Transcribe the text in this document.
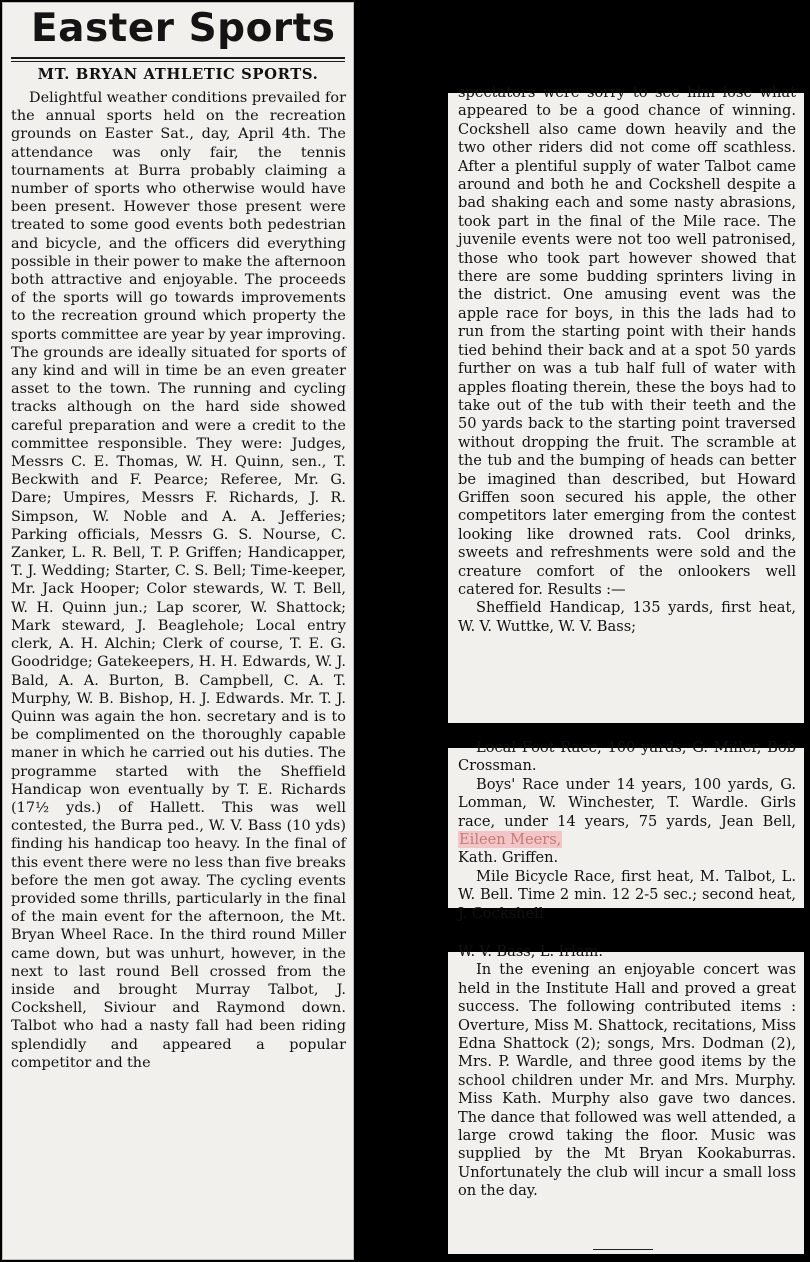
Easter Sports
MT. BRYAN ATHLETIC SPORTS.

Delightful weather conditions prevailed for the annual sports held on the recreation grounds on Easter Sat., day, April 4th. The attendance was only fair, the tennis tournaments at Burra probably claiming a number of sports who otherwise would have been present. However those present were treated to some good events both pedestrian and bicycle, and the officers did everything possible in their power to make the afternoon both attractive and enjoyable. The proceeds of the sports will go towards improvements to the recreation ground which property the sports committee are year by year improving. The grounds are ideally situated for sports of any kind and will in time be an even greater asset to the town. The running and cycling tracks although on the hard side showed careful preparation and were a credit to the committee responsible. They were: Judges, Messrs C. E. Thomas, W. H. Quinn, sen., T. Beckwith and F. Pearce; Referee, Mr. G. Dare; Umpires, Messrs F. Richards, J. R. Simpson, W. Noble and A. A. Jefferies; Parking officials, Messrs G. S. Nourse, C. Zanker, L. R. Bell, T. P. Griffen; Handicapper, T. J. Wedding; Starter, C. S. Bell; Time-keeper, Mr. Jack Hooper; Color stewards, W. T. Bell, W. H. Quinn jun.; Lap scorer, W. Shattock; Mark steward, J. Beaglehole; Local entry clerk, A. H. Alchin; Clerk of course, T. E. G. Goodridge; Gatekeepers, H. H. Edwards, W. J. Bald, A. A. Burton, B. Campbell, C. A. T. Murphy, W. B. Bishop, H. J. Edwards. Mr. T. J. Quinn was again the hon. secretary and is to be complimented on the thoroughly capable maner in which he carried out his duties. The programme started with the Sheffield Handicap won eventually by T. E. Richards (17½ yds.) of Hallett. This was well contested, the Burra ped., W. V. Bass (10 yds) finding his handicap too heavy. In the final of this event there were no less than five breaks before the men got away. The cycling events provided some thrills, particularly in the final of the main event for the afternoon, the Mt. Bryan Wheel Race. In the third round Miller came down, but was unhurt, however, in the next to last round Bell crossed from the inside and brought Murray Talbot, J. Cockshell, Siviour and Raymond down. Talbot who had a nasty fall had been riding splendidly and appeared a popular competitor and the

spectators were sorry to see him lose what appeared to be a good chance of winning. Cockshell also came down heavily and the two other riders did not come off scathless. After a plentiful supply of water Talbot came around and both he and Cockshell despite a bad shaking each and some nasty abrasions, took part in the final of the Mile race. The juvenile events were not too well patronised, those who took part however showed that there are some budding sprinters living in the district. One amusing event was the apple race for boys, in this the lads had to run from the starting point with their hands tied behind their back and at a spot 50 yards further on was a tub half full of water with apples floating therein, these the boys had to take out of the tub with their teeth and the 50 yards back to the starting point traversed without dropping the fruit. The scramble at the tub and the bumping of heads can better be imagined than described, but Howard Griffen soon secured his apple, the other competitors later emerging from the contest looking like drowned rats. Cool drinks, sweets and refreshments were sold and the creature comfort of the onlookers well catered for. Results :—

Sheffield Handicap, 135 yards, first heat, W. V. Wuttke, W. V. Bass;

Local Foot Race, 100 yards, G. Miller, Bob Crossman.

Boys' Race under 14 years, 100 yards, G. Lomman, W. Winchester, T. Wardle. Girls race, under 14 years, 75 yards, Jean Bell, Eileen Meers,
Kath. Griffen.

Mile Bicycle Race, first heat, M. Talbot, L. W. Bell. Time 2 min. 12 2-5 sec.; second heat, J. Cockshell

W. V. Bass, L. Irlam.

In the evening an enjoyable concert was held in the Institute Hall and proved a great success. The following contributed items : Overture, Miss M. Shattock, recitations, Miss Edna Shattock (2); songs, Mrs. Dodman (2), Mrs. P. Wardle, and three good items by the school children under Mr. and Mrs. Murphy. Miss Kath. Murphy also gave two dances. The dance that followed was well attended, a large crowd taking the floor. Music was supplied by the Mt Bryan Kookaburras. Unfortunately the club will incur a small loss on the day.
